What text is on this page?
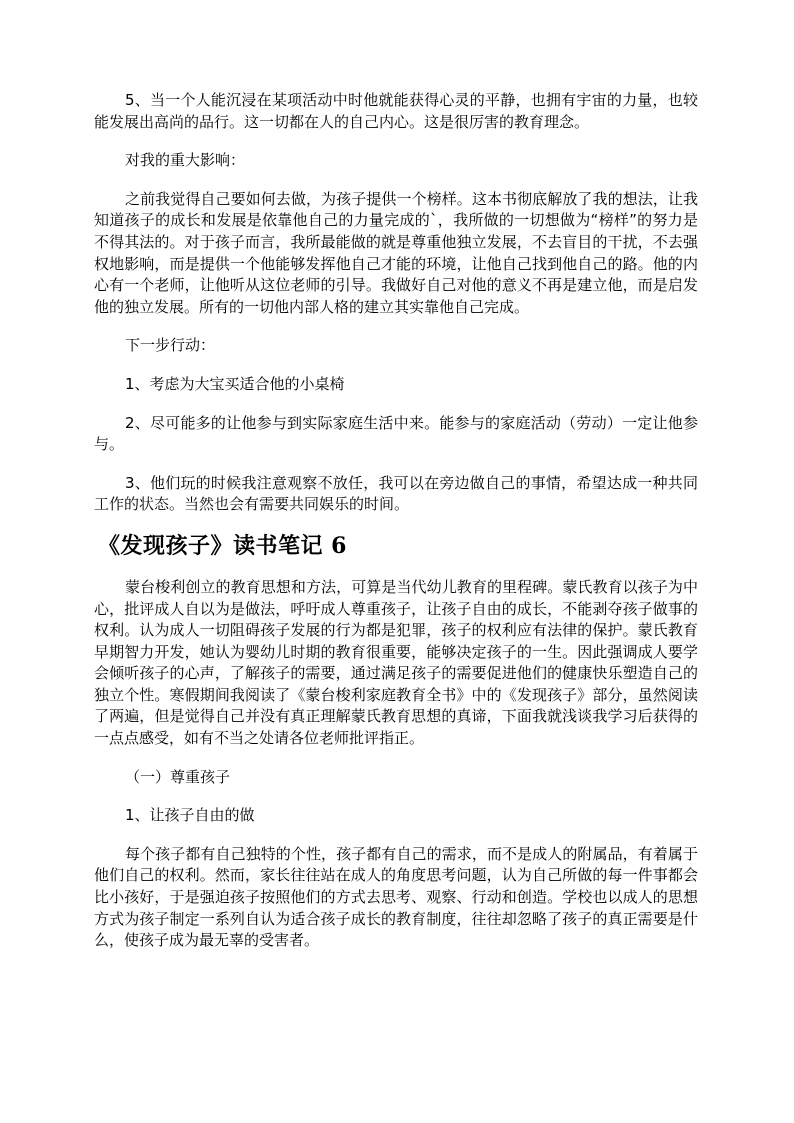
5、当一个人能沉浸在某项活动中时他就能获得心灵的平静，也拥有宇宙的力量，也较能发展出高尚的品行。这一切都在人的自己内心。这是很厉害的教育理念。

对我的重大影响：

之前我觉得自己要如何去做，为孩子提供一个榜样。这本书彻底解放了我的想法，让我知道孩子的成长和发展是依靠他自己的力量完成的`，我所做的一切想做为“榜样”的努力是不得其法的。对于孩子而言，我所最能做的就是尊重他独立发展，不去盲目的干扰，不去强权地影响，而是提供一个他能够发挥他自己才能的环境，让他自己找到他自己的路。他的内心有一个老师，让他听从这位老师的引导。我做好自己对他的意义不再是建立他，而是启发他的独立发展。所有的一切他内部人格的建立其实靠他自己完成。

下一步行动：

1、考虑为大宝买适合他的小桌椅

2、尽可能多的让他参与到实际家庭生活中来。能参与的家庭活动（劳动）一定让他参与。

3、他们玩的时候我注意观察不放任，我可以在旁边做自己的事情，希望达成一种共同工作的状态。当然也会有需要共同娱乐的时间。

《发现孩子》读书笔记 6

蒙台梭利创立的教育思想和方法，可算是当代幼儿教育的里程碑。蒙氏教育以孩子为中心，批评成人自以为是做法，呼吁成人尊重孩子，让孩子自由的成长，不能剥夺孩子做事的权利。认为成人一切阻碍孩子发展的行为都是犯罪，孩子的权利应有法律的保护。蒙氏教育早期智力开发，她认为婴幼儿时期的教育很重要，能够决定孩子的一生。因此强调成人要学会倾听孩子的心声，了解孩子的需要，通过满足孩子的需要促进他们的健康快乐塑造自己的独立个性。寒假期间我阅读了《蒙台梭利家庭教育全书》中的《发现孩子》部分，虽然阅读了两遍，但是觉得自己并没有真正理解蒙氏教育思想的真谛，下面我就浅谈我学习后获得的一点点感受，如有不当之处请各位老师批评指正。

（一）尊重孩子

1、让孩子自由的做

每个孩子都有自己独特的个性，孩子都有自己的需求，而不是成人的附属品，有着属于他们自己的权利。然而，家长往往站在成人的角度思考问题，认为自己所做的每一件事都会比小孩好，于是强迫孩子按照他们的方式去思考、观察、行动和创造。学校也以成人的思想方式为孩子制定一系列自认为适合孩子成长的教育制度，往往却忽略了孩子的真正需要是什么，使孩子成为最无辜的受害者。
